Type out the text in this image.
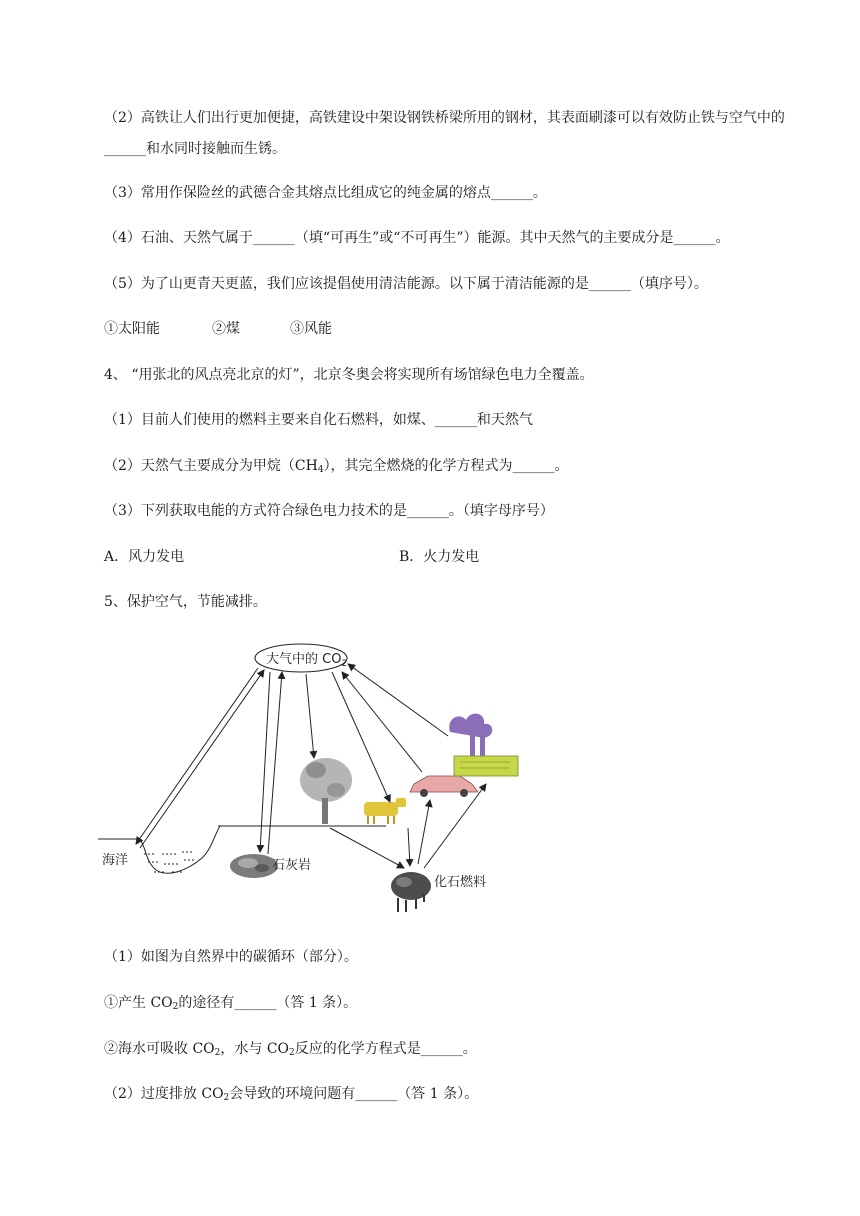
（2）高铁让人们出行更加便捷，高铁建设中架设钢铁桥梁所用的钢材，其表面刷漆可以有效防止铁与空气中的______和水同时接触而生锈。
（3）常用作保险丝的武德合金其熔点比组成它的纯金属的熔点______。
（4）石油、天然气属于______（填“可再生”或“不可再生”）能源。其中天然气的主要成分是______。
（5）为了山更青天更蓝，我们应该提倡使用清洁能源。以下属于清洁能源的是______（填序号）。
①太阳能	②煤	③风能
4、 “用张北的风点亮北京的灯”，北京冬奥会将实现所有场馆绿色电力全覆盖。
（1）目前人们使用的燃料主要来自化石燃料，如煤、______和天然气
（2）天然气主要成分为甲烷$(CH_4)$，其完全燃烧的化学方程式为______。
（3）下列获取电能的方式符合绿色电力技术的是______。（填字母序号）
A．风力发电	B．火力发电
5、保护空气，节能减排。
大气中的 $CO_2$
海洋	石灰岩
化石燃料
（1）如图为自然界中的碳循环（部分）。
①产生 $CO_2$的途径有______（答 1 条）。
②海水可吸收 $CO_2$，水与 $CO_2$反应的化学方程式是______。
（2）过度排放 $CO_2$会导致的环境问题有______（答 1 条）。
